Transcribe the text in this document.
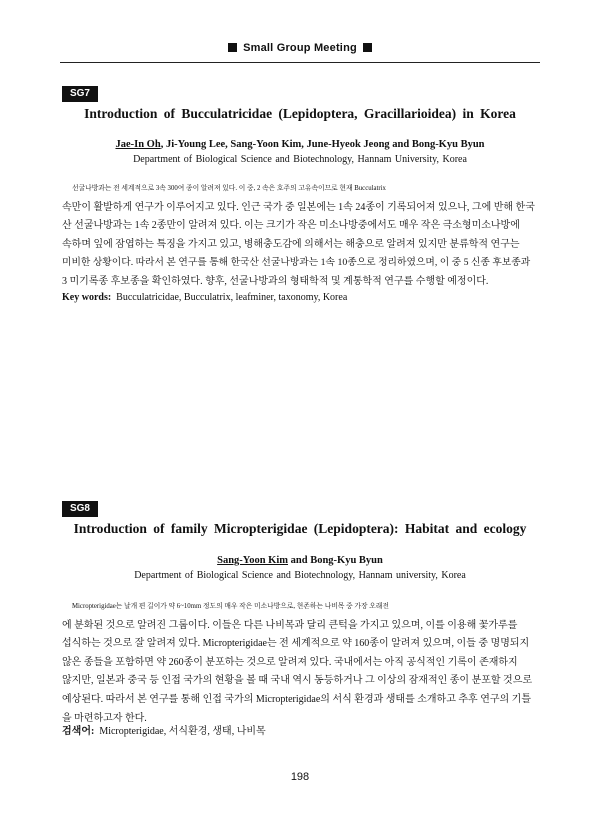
Small Group Meeting
SG7
Introduction of Bucculatricidae (Lepidoptera, Gracillarioidea) in Korea
Jae-In Oh, Ji-Young Lee, Sang-Yoon Kim, June-Hyeok Jeong and Bong-Kyu Byun
Department of Biological Science and Biotechnology, Hannam University, Korea
선굴나방과는 전 세계적으로 3속 300여 종이 알려져 있다. 이 중, 2 속은 호주의 고유속이므로 현재 Bucculatrix
속만이 활발하게 연구가 이루어지고 있다. 인근 국가 중 일본에는 1속 24종이 기록되어져 있으나, 그에 반해 한국
산 선굴나방과는 1속 2종만이 알려져 있다. 이는 크기가 작은 미소나방중에서도 매우 작은 극소형미소나방에
속하며 잎에 잠엽하는 특징을 가지고 있고, 병해충도감에 의해서는 해충으로 알려져 있지만 분류학적 연구는
미비한 상황이다. 따라서 본 연구를 통해 한국산 선굴나방과는 1속 10종으로 정리하였으며, 이 중 5 신종 후보종과
3 미기록종 후보종을 확인하였다. 향후, 선굴나방과의 형태학적 및 계통학적 연구를 수행할 예정이다.
Key words: Bucculatricidae, Bucculatrix, leafminer, taxonomy, Korea
SG8
Introduction of family Micropterigidae (Lepidoptera): Habitat and ecology
Sang-Yoon Kim and Bong-Kyu Byun
Department of Biological Science and Biotechnology, Hannam university, Korea
Micropterigidae는 날개 편 길이가 약 6~10mm 정도의 매우 작은 미소나방으로, 현존하는 나비목 중 가장 오래전
에 분화된 것으로 알려진 그룹이다. 이들은 다른 나비목과 달리 큰턱을 가지고 있으며, 이를 이용해 꽃가루를
섭식하는 것으로 잘 알려져 있다. Micropterigidae는 전 세계적으로 약 160종이 알려져 있으며, 이들 중 명명되지
않은 종들을 포함하면 약 260종이 분포하는 것으로 알려져 있다. 국내에서는 아직 공식적인 기록이 존재하지
않지만, 일본과 중국 등 인접 국가의 현황을 볼 때 국내 역시 동등하거나 그 이상의 잠재적인 종이 분포할 것으로
예상된다. 따라서 본 연구를 통해 인접 국가의 Micropterigidae의 서식 환경과 생태를 소개하고 추후 연구의 기틀
을 마련하고자 한다.
검색어: Micropterigidae, 서식환경, 생태, 나비목
198
